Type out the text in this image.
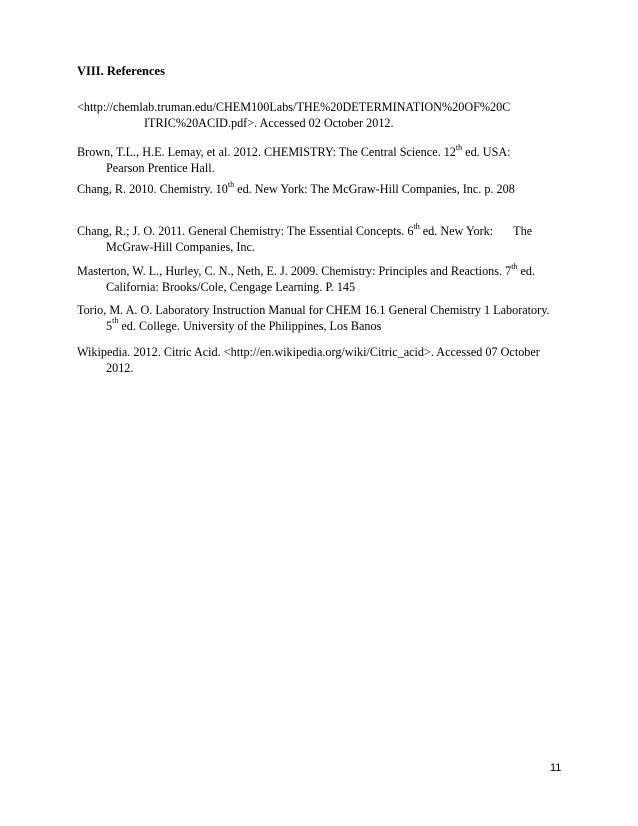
VIII. References
<http://chemlab.truman.edu/CHEM100Labs/THE%20DETERMINATION%20OF%20C
ITRIC%20ACID.pdf>. Accessed 02 October 2012.
Brown, T.L., H.E. Lemay, et al. 2012. CHEMISTRY: The Central Science. 12th ed. USA:
Pearson Prentice Hall.
Chang, R. 2010. Chemistry. 10th ed. New York: The McGraw-Hill Companies, Inc. p. 208
Chang, R.; J. O. 2011. General Chemistry: The Essential Concepts. 6th ed. New York: The
McGraw-Hill Companies, Inc.
Masterton, W. L., Hurley, C. N., Neth, E. J. 2009. Chemistry: Principles and Reactions. 7th ed.
California: Brooks/Cole, Cengage Learning. P. 145
Torio, M. A. O. Laboratory Instruction Manual for CHEM 16.1 General Chemistry 1 Laboratory.
5th ed. College. University of the Philippines, Los Banos
Wikipedia. 2012. Citric Acid. <http://en.wikipedia.org/wiki/Citric_acid>. Accessed 07 October
2012.
11
